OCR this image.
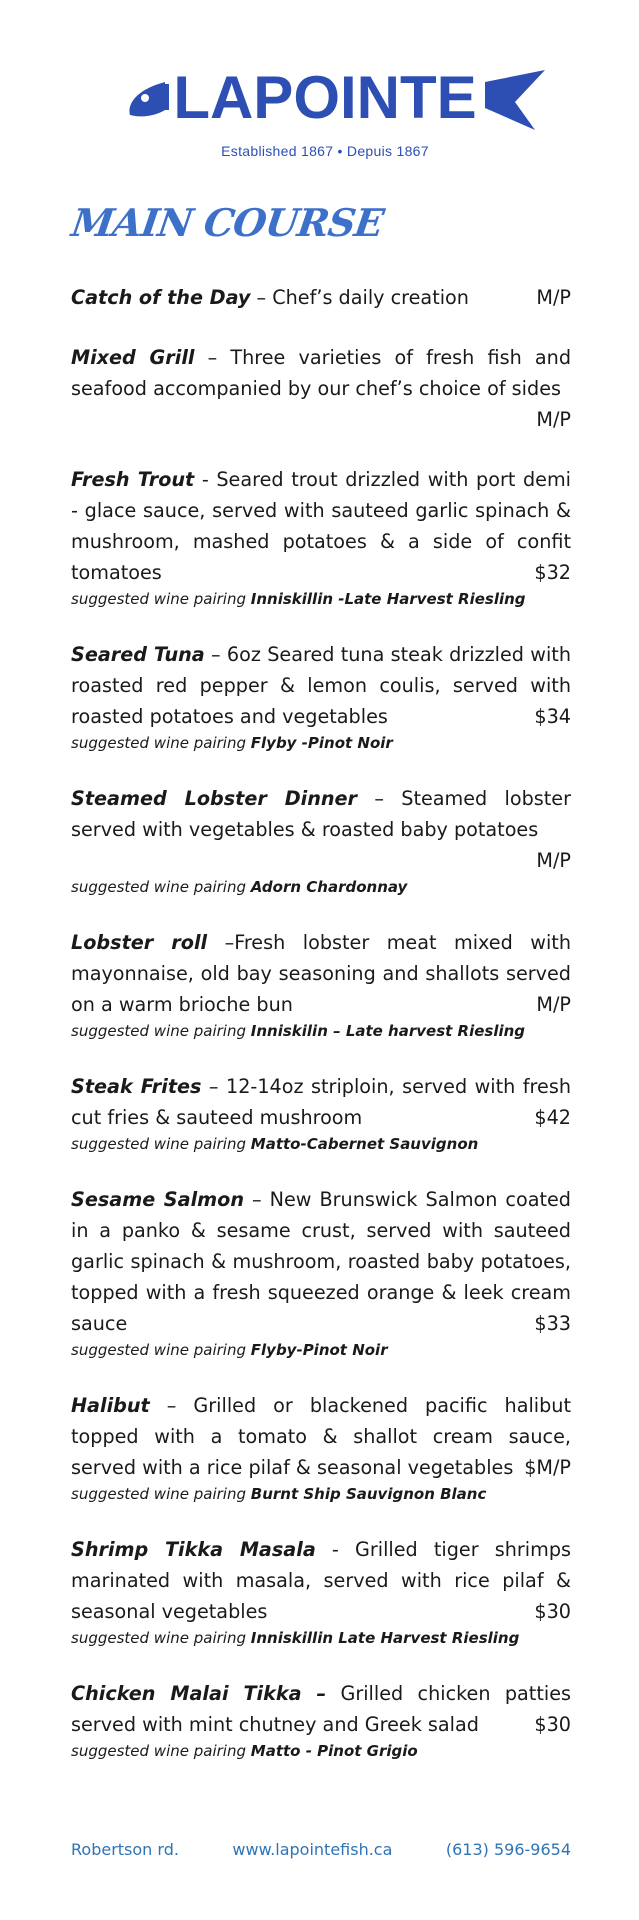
LAPOINTE
Established 1867 • Depuis 1867
MAIN COURSE

Catch of the Day – Chef’s daily creation	M/P

Mixed Grill – Three varieties of fresh fish and seafood accompanied by our chef’s choice of sides
M/P

Fresh Trout - Seared trout drizzled with port demi - glace sauce, served with sauteed garlic spinach & mushroom, mashed potatoes & a side of confit tomatoes	$32

suggested wine pairing Inniskillin -Late Harvest Riesling

Seared Tuna – 6oz Seared tuna steak drizzled with roasted red pepper & lemon coulis, served with roasted potatoes and vegetables	$34

suggested wine pairing Flyby -Pinot Noir

Steamed Lobster Dinner – Steamed lobster served with vegetables & roasted baby potatoes
M/P

suggested wine pairing Adorn Chardonnay

Lobster roll –Fresh lobster meat mixed with mayonnaise, old bay seasoning and shallots served on a warm brioche bun	M/P

suggested wine pairing Inniskilin – Late harvest Riesling

Steak Frites – 12-14oz striploin, served with fresh cut fries & sauteed mushroom	$42

suggested wine pairing Matto-Cabernet Sauvignon

Sesame Salmon – New Brunswick Salmon coated in a panko & sesame crust, served with sauteed garlic spinach & mushroom, roasted baby potatoes, topped with a fresh squeezed orange & leek cream sauce	$33

suggested wine pairing Flyby-Pinot Noir

Halibut – Grilled or blackened pacific halibut topped with a tomato & shallot cream sauce, served with a rice pilaf & seasonal vegetables $M/P

suggested wine pairing Burnt Ship Sauvignon Blanc

Shrimp Tikka Masala - Grilled tiger shrimps marinated with masala, served with rice pilaf & seasonal vegetables	$30

suggested wine pairing Inniskillin Late Harvest Riesling

Chicken Malai Tikka – Grilled chicken patties served with mint chutney and Greek salad	$30

suggested wine pairing Matto - Pinot Grigio
Robertson rd.	www.lapointefish.ca	(613) 596-9654
